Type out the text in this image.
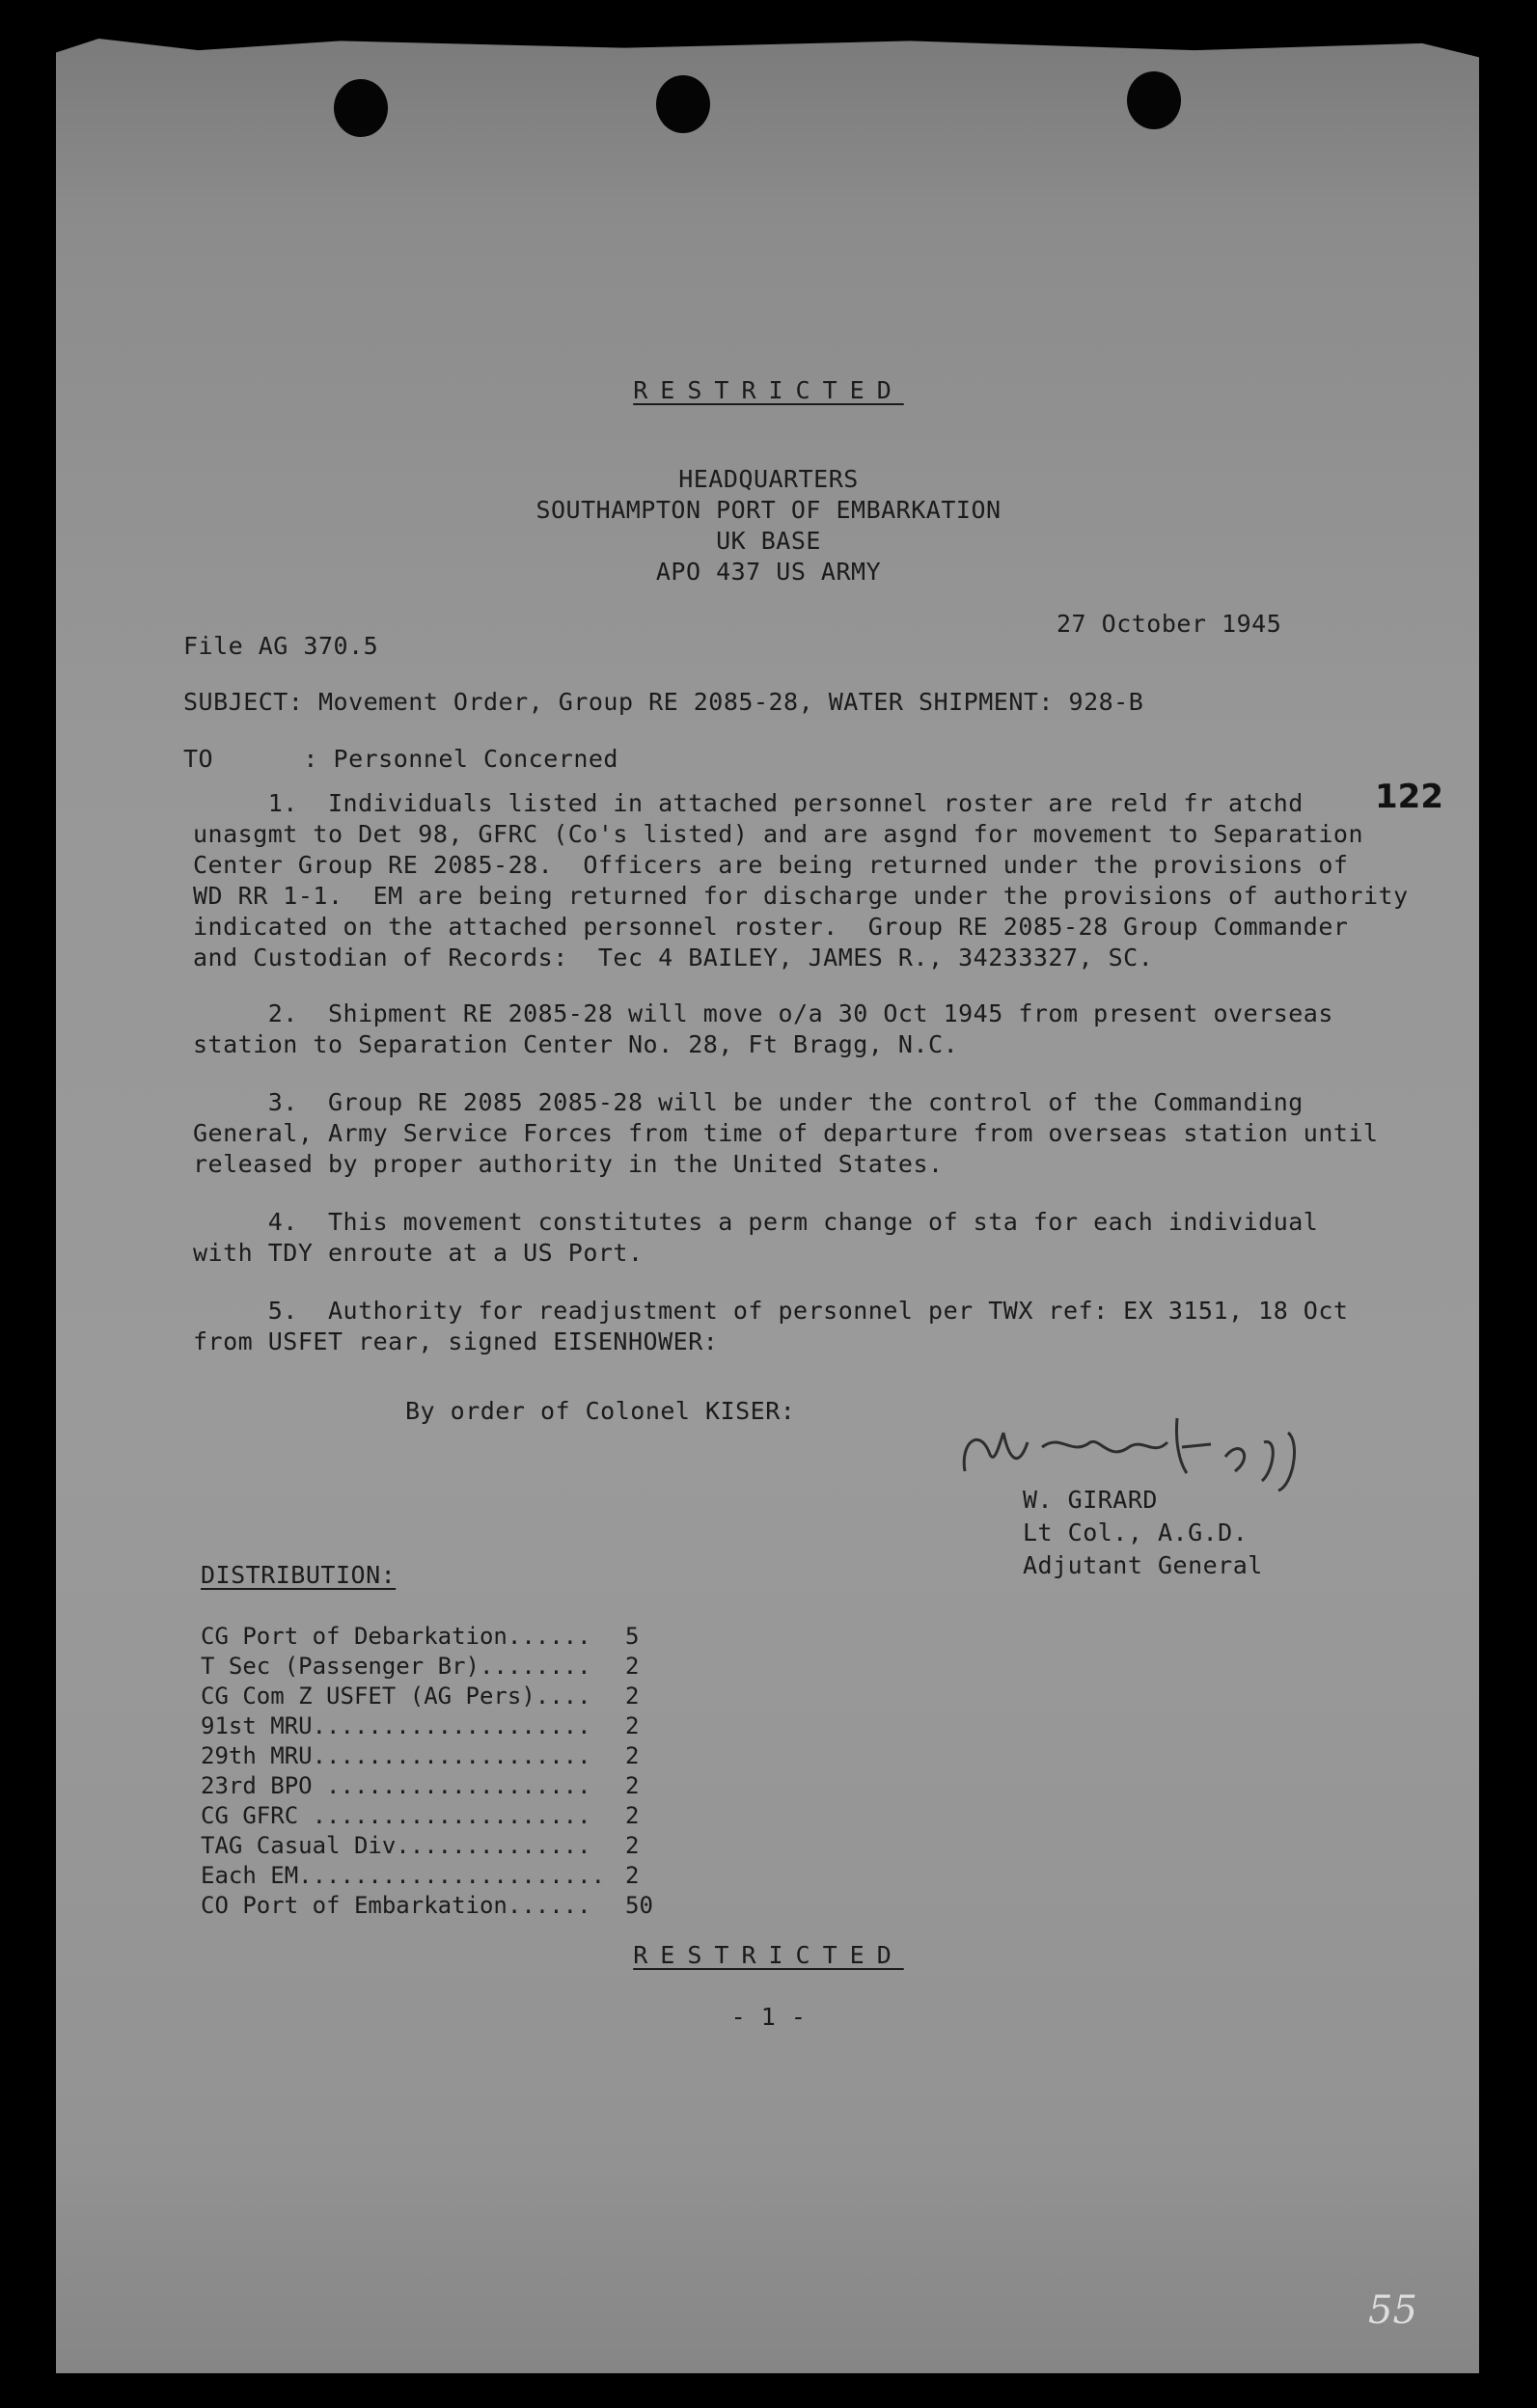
RESTRICTED
HEADQUARTERS
SOUTHAMPTON PORT OF EMBARKATION
UK BASE
APO 437 US ARMY
File AG 370.5
27 October 1945
122
SUBJECT: Movement Order, Group RE 2085-28, WATER SHIPMENT: 928-B
TO      : Personnel Concerned
1.  Individuals listed in attached personnel roster are reld fr atchd
unasgmt to Det 98, GFRC (Co's listed) and are asgnd for movement to Separation
Center Group RE 2085-28.  Officers are being returned under the provisions of
WD RR 1-1.  EM are being returned for discharge under the provisions of authority
indicated on the attached personnel roster.  Group RE 2085-28 Group Commander
and Custodian of Records:  Tec 4 BAILEY, JAMES R., 34233327, SC.
2.  Shipment RE 2085-28 will move o/a 30 Oct 1945 from present overseas
station to Separation Center No. 28, Ft Bragg, N.C.
3.  Group RE 2085 2085-28 will be under the control of the Commanding
General, Army Service Forces from time of departure from overseas station until
released by proper authority in the United States.
4.  This movement constitutes a perm change of sta for each individual
with TDY enroute at a US Port.
5.  Authority for readjustment of personnel per TWX ref: EX 3151, 18 Oct
from USFET rear, signed EISENHOWER:
By order of Colonel KISER:
W. GIRARD
Lt Col., A.G.D.
Adjutant General
DISTRIBUTION:
CG Port of Debarkation...... 5
T Sec (Passenger Br)........ 2
CG Com Z USFET (AG Pers).... 2
91st MRU.................... 2
29th MRU.................... 2
23rd BPO ................... 2
CG GFRC .................... 2
TAG Casual Div.............. 2
Each EM...................... 2
CO Port of Embarkation...... 50
RESTRICTED
- 1 -
55
